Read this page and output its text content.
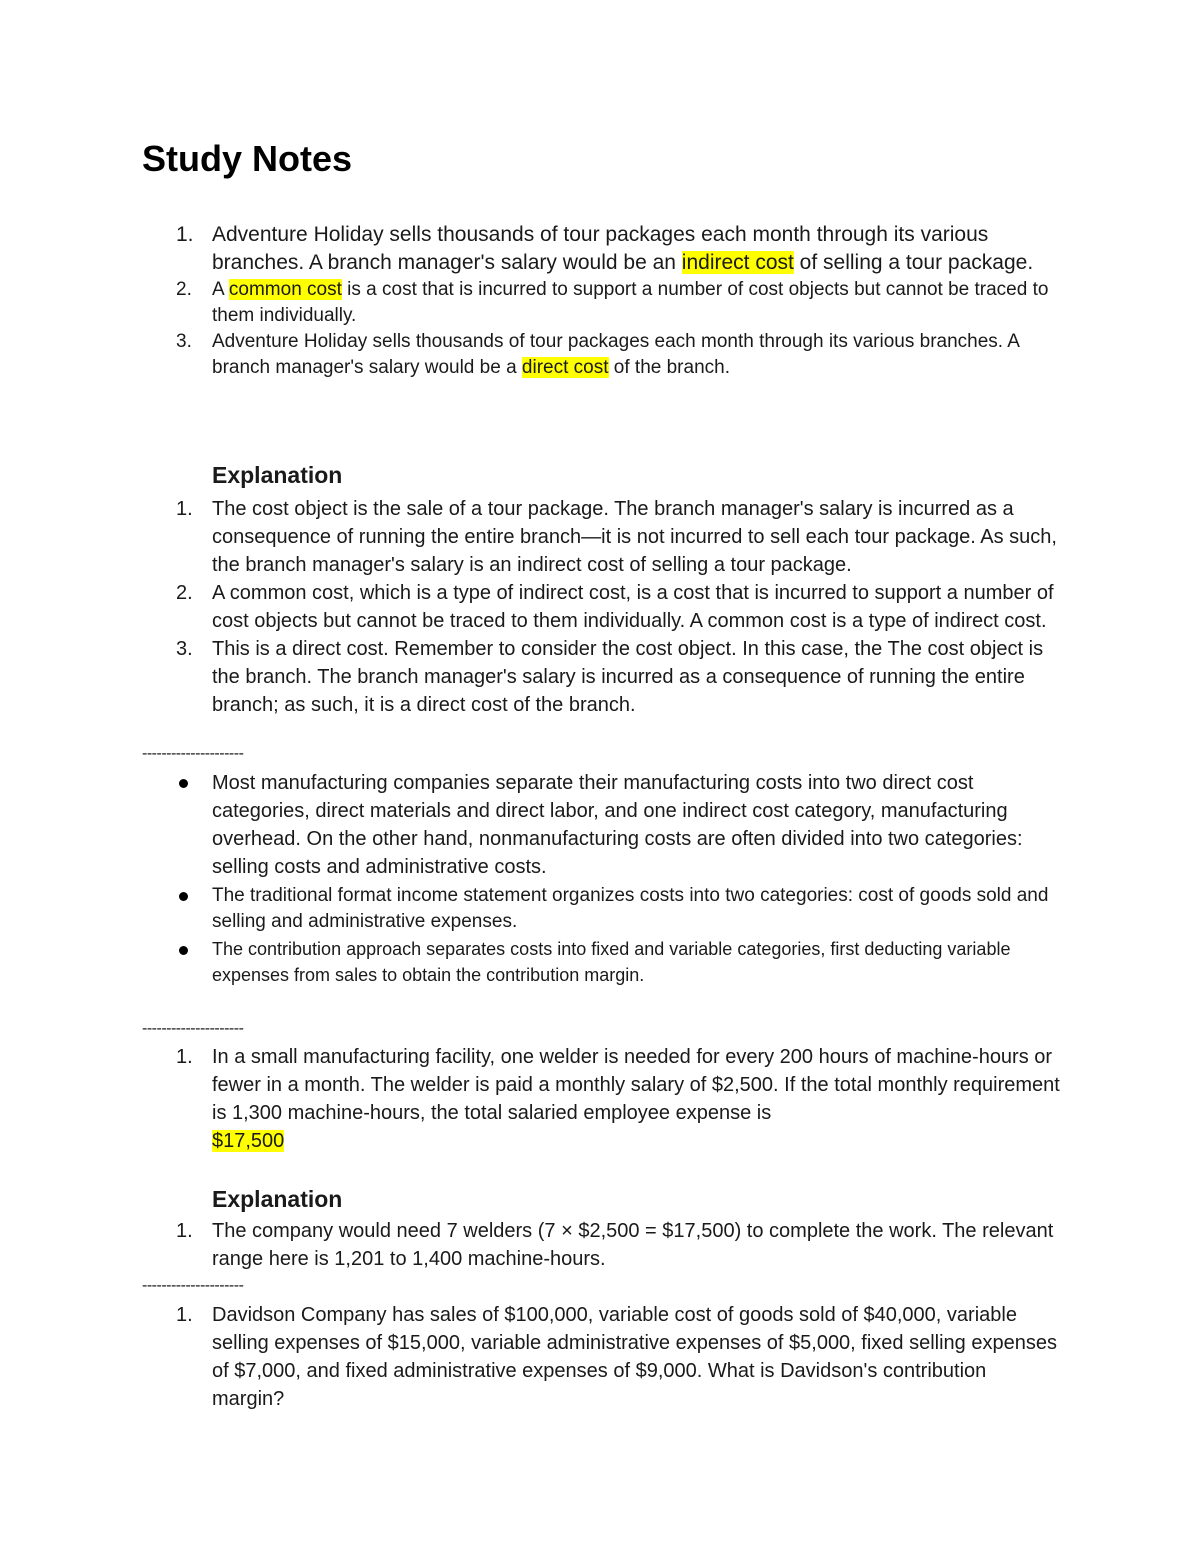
Study Notes
1. Adventure Holiday sells thousands of tour packages each month through its various branches. A branch manager's salary would be an indirect cost of selling a tour package.
2. A common cost is a cost that is incurred to support a number of cost objects but cannot be traced to them individually.
3. Adventure Holiday sells thousands of tour packages each month through its various branches. A branch manager's salary would be a direct cost of the branch.
Explanation
1. The cost object is the sale of a tour package. The branch manager's salary is incurred as a consequence of running the entire branch—it is not incurred to sell each tour package. As such, the branch manager's salary is an indirect cost of selling a tour package.
2. A common cost, which is a type of indirect cost, is a cost that is incurred to support a number of cost objects but cannot be traced to them individually. A common cost is a type of indirect cost.
3. This is a direct cost. Remember to consider the cost object. In this case, the The cost object is the branch. The branch manager's salary is incurred as a consequence of running the entire branch; as such, it is a direct cost of the branch.
---------------------
Most manufacturing companies separate their manufacturing costs into two direct cost categories, direct materials and direct labor, and one indirect cost category, manufacturing overhead. On the other hand, nonmanufacturing costs are often divided into two categories: selling costs and administrative costs.
The traditional format income statement organizes costs into two categories: cost of goods sold and selling and administrative expenses.
The contribution approach separates costs into fixed and variable categories, first deducting variable expenses from sales to obtain the contribution margin.
---------------------
1. In a small manufacturing facility, one welder is needed for every 200 hours of machine-hours or fewer in a month. The welder is paid a monthly salary of $2,500. If the total monthly requirement is 1,300 machine-hours, the total salaried employee expense is
$17,500
Explanation
1. The company would need 7 welders (7 × $2,500 = $17,500) to complete the work. The relevant range here is 1,201 to 1,400 machine-hours.
---------------------
1. Davidson Company has sales of $100,000, variable cost of goods sold of $40,000, variable selling expenses of $15,000, variable administrative expenses of $5,000, fixed selling expenses of $7,000, and fixed administrative expenses of $9,000. What is Davidson's contribution margin?
